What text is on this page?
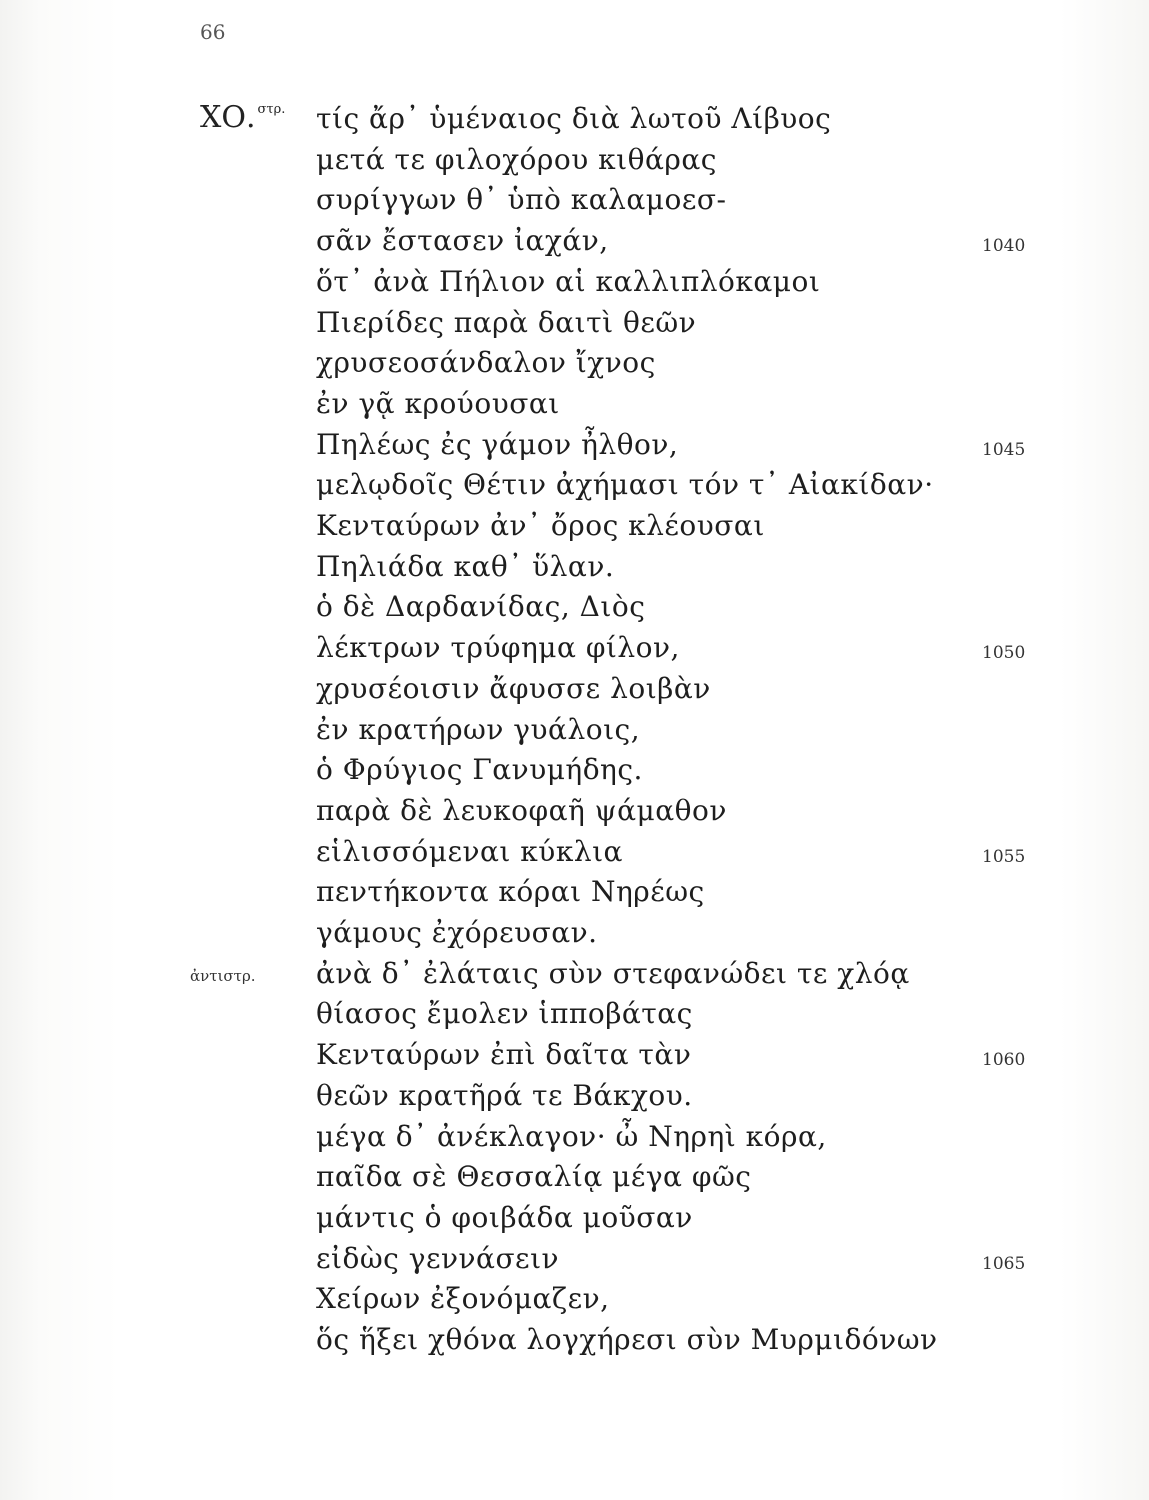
66
ΧΟ. $^{\sigma\tau\rho.}$ τίς ἄρ᾿ ὑμέναιος διὰ λωτοῦ Λίβυος
μετά τε φιλοχόρου κιθάρας
συρίγγων θ᾿ ὑπὸ καλαμοεσ-
σᾶν ἔστασεν ἰαχάν,	1040
ὅτ᾿ ἀνὰ Πήλιον αἱ καλλιπλόκαμοι
Πιερίδες παρὰ δαιτὶ θεῶν
χρυσεοσάνδαλον ἴχνος
ἐν γᾷ κρούουσαι
Πηλέως ἐς γάμον ἦλθον,	1045
μελῳδοῖς Θέτιν ἀχήμασι τόν τ᾿ Αἰακίδαν·
Κενταύρων ἀν᾿ ὄρος κλέουσαι
Πηλιάδα καθ᾿ ὕλαν.
ὁ δὲ Δαρδανίδας, Διὸς
λέκτρων τρύφημα φίλον,	1050
χρυσέοισιν ἄφυσσε λοιβὰν
ἐν κρατήρων γυάλοις,
ὁ Φρύγιος Γανυμήδης.
παρὰ δὲ λευκοφαῆ ψάμαθον
εἱλισσόμεναι κύκλια	1055
πεντήκοντα κόραι Νηρέως
γάμους ἐχόρευσαν.
ἀντιστρ. ἀνὰ δ᾿ ἐλάταις σὺν στεφανώδει τε χλόᾳ
θίασος ἔμολεν ἱπποβάτας
Κενταύρων ἐπὶ δαῖτα τὰν	1060
θεῶν κρατῆρά τε Βάκχου.
μέγα δ᾿ ἀνέκλαγον· ὦ Νηρηὶ κόρα,
παῖδα σὲ Θεσσαλίᾳ μέγα φῶς
μάντις ὁ φοιβάδα μοῦσαν
εἰδὼς γεννάσειν	1065
Χείρων ἐξονόμαζεν,
ὅς ἥξει χθόνα λογχήρεσι σὺν Μυρμιδόνων
